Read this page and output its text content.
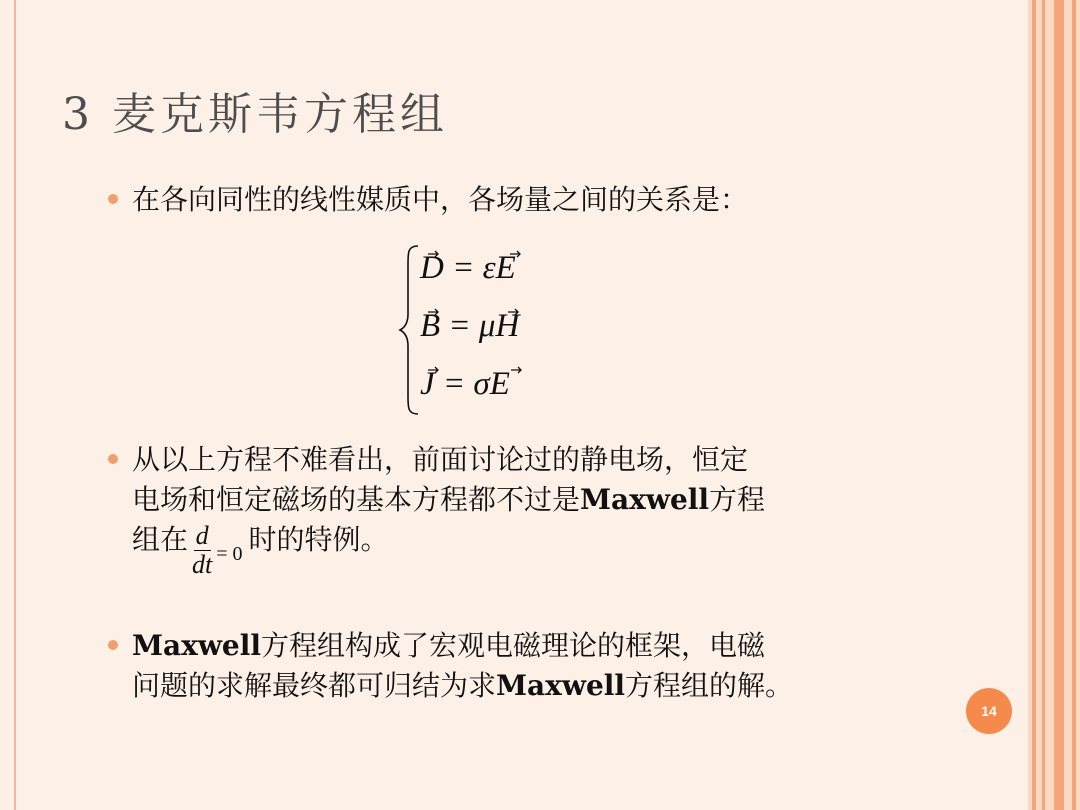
3 麦克斯韦方程组
在各向同性的线性媒质中，各场量之间的关系是：
D = εE
B = μH
J = σE
从以上方程不难看出，前面讨论过的静电场，恒定
电场和恒定磁场的基本方程都不过是Maxwell方程
组在 $\frac{d}{dt} = 0$ 时的特例。
Maxwell方程组构成了宏观电磁理论的框架，电磁
问题的求解最终都可归结为求Maxwell方程组的解。
14
